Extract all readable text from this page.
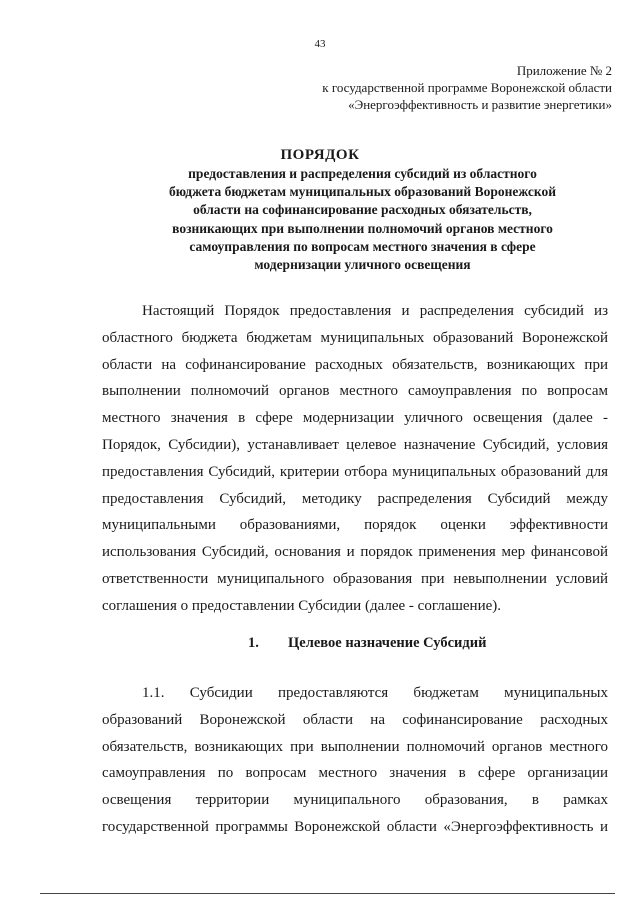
43
Приложение № 2
к государственной программе Воронежской области
«Энергоэффективность и развитие энергетики»
ПОРЯДОК
предоставления и распределения субсидий из областного
бюджета бюджетам муниципальных образований Воронежской
области на софинансирование расходных обязательств,
возникающих при выполнении полномочий органов местного
самоуправления по вопросам местного значения в сфере
модернизации уличного освещения
Настоящий Порядок предоставления и распределения субсидий из
областного бюджета бюджетам муниципальных образований Воронежской
области на софинансирование расходных обязательств, возникающих при
выполнении полномочий органов местного самоуправления по вопросам
местного значения в сфере модернизации уличного освещения (далее -
Порядок, Субсидии), устанавливает целевое назначение Субсидий, условия
предоставления Субсидий, критерии отбора муниципальных образований для
предоставления Субсидий, методику распределения Субсидий между
муниципальными образованиями, порядок оценки эффективности
использования Субсидий, основания и порядок применения мер финансовой
ответственности муниципального образования при невыполнении условий
соглашения о предоставлении Субсидии (далее - соглашение).
1. Целевое назначение Субсидий
1.1. Субсидии предоставляются бюджетам муниципальных
образований Воронежской области на софинансирование расходных
обязательств, возникающих при выполнении полномочий органов местного
самоуправления по вопросам местного значения в сфере организации
освещения территории муниципального образования, в рамках
государственной программы Воронежской области «Энергоэффективность и
